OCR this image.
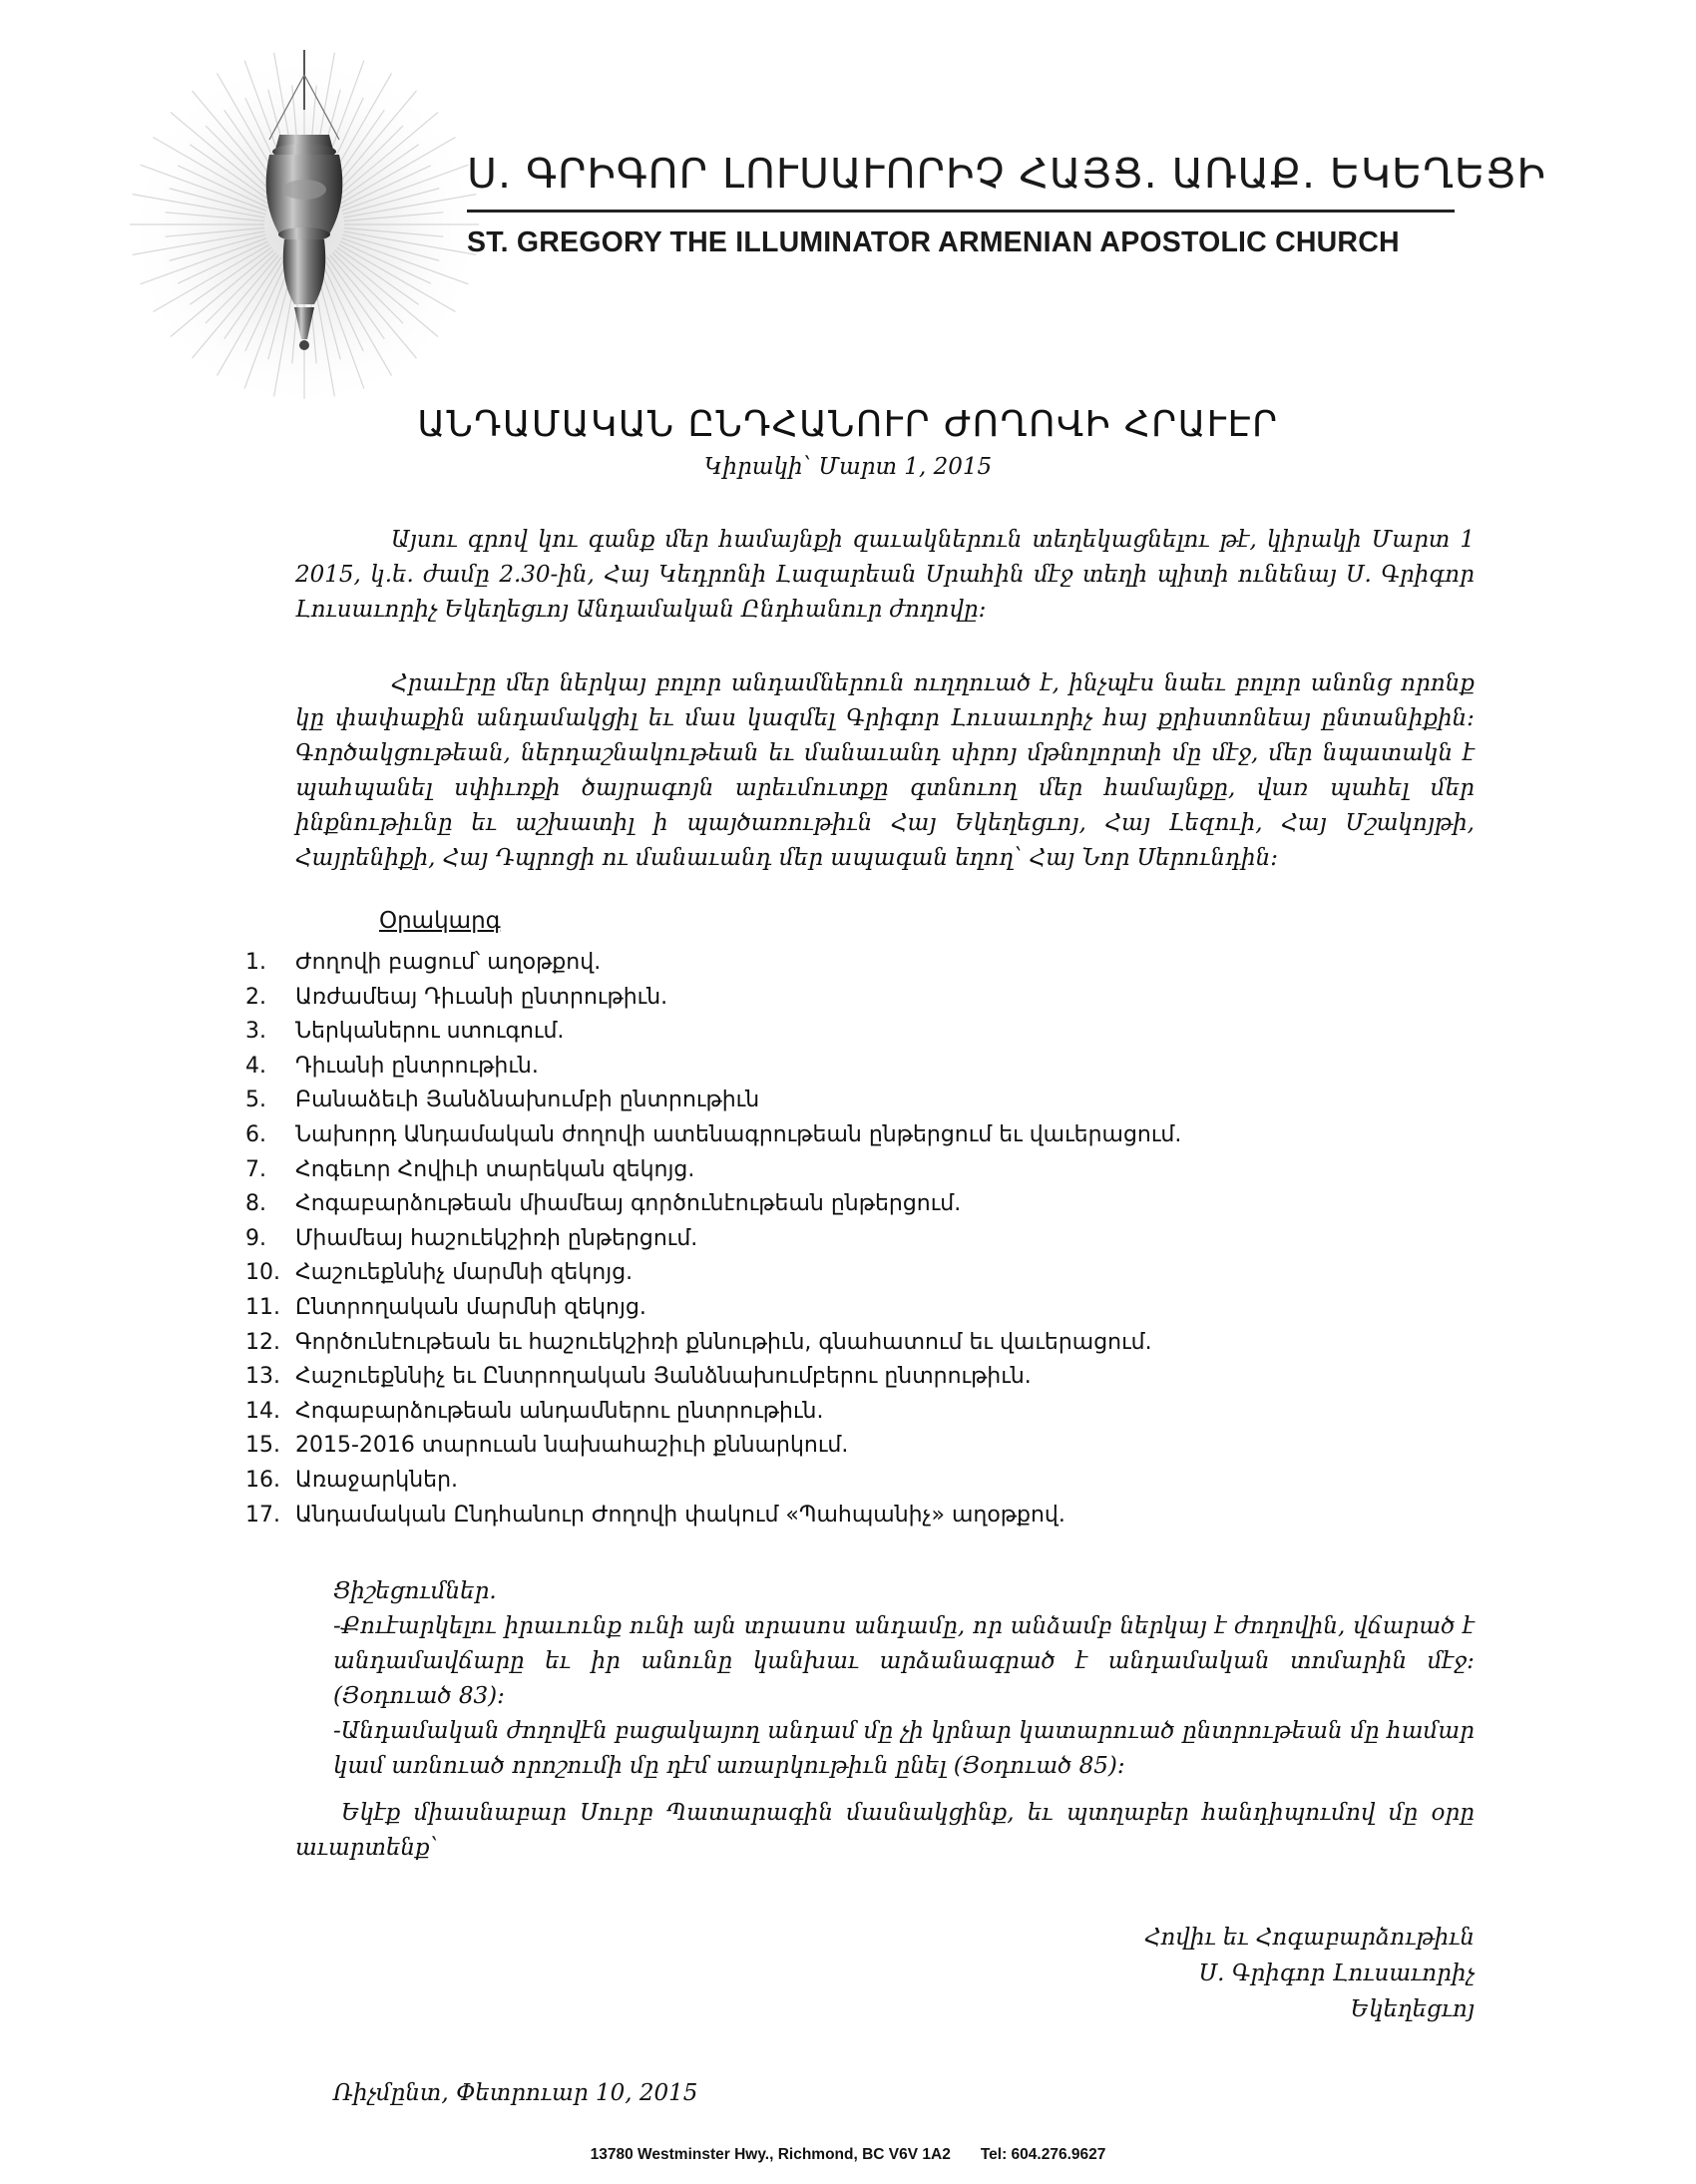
Ս. ԳՐԻԳՈՐ ԼՈՒՍԱՒՈՐԻՉ ՀԱՅՑ. ԱՌԱՔ. ԵԿԵՂԵՑԻ
ST. GREGORY THE ILLUMINATOR ARMENIAN APOSTOLIC CHURCH
ԱՆԴԱՄԱԿԱՆ ԸՆԴՀԱՆՈՒՐ ԺՈՂՈՎԻ ՀՐԱՒԷՐ
Կիրակի՝ Մարտ 1, 2015
Այսու գրով կու գանք մեր համայնքի զաւակներուն տեղեկացնելու թէ, կիրակի Մարտ 1 2015, կ.ե. ժամը 2.30-ին, Հայ Կեդրոնի Լազարեան Սրահին մէջ տեղի պիտի ունենայ Ս. Գրիգոր Լուսաւորիչ Եկեղեցւոյ Անդամական Ընդհանուր ժողովը։
Հրաւէրը մեր ներկայ բոլոր անդամներուն ուղղուած է, ինչպէս նաեւ բոլոր անոնց որոնք կը փափաքին անդամակցիլ եւ մաս կազմել Գրիգոր Լուսաւորիչ հայ քրիստոնեայ ընտանիքին։ Գործակցութեան, ներդաշնակութեան եւ մանաւանդ սիրոյ մթնոլորտի մը մէջ, մեր նպատակն է պահպանել սփիւռքի ծայրագոյն արեւմուտքը գտնուող մեր համայնքը, վառ պահել մեր ինքնութիւնը եւ աշխատիլ ի պայծառութիւն Հայ Եկեղեցւոյ, Հայ Լեզուի, Հայ Մշակոյթի, Հայրենիքի, Հայ Դպրոցի ու մանաւանդ մեր ապագան եղող՝ Հայ Նոր Սերունդին։
Օրակարգ
1. Ժողովի բացում՝ աղօթքով.
2. Առժամեայ Դիւանի ընտրութիւն.
3. Ներկաներու ստուգում.
4. Դիւանի ընտրութիւն.
5. Բանաձեւի Յանձնախումբի ընտրութիւն
6. Նախորդ Անդամական ժողովի ատենագրութեան ընթերցում եւ վաւերացում.
7. Հոգեւոր Հովիւի տարեկան զեկոյց.
8. Հոգաբարձութեան միամեայ գործունէութեան ընթերցում.
9. Միամեայ հաշուեկշիռի ընթերցում.
10. Հաշուեքննիչ մարմնի զեկոյց.
11. Ընտրողական մարմնի զեկոյց.
12. Գործունէութեան եւ հաշուեկշիռի քննութիւն, գնահատում եւ վաւերացում.
13. Հաշուեքննիչ եւ Ընտրողական Յանձնախումբերու ընտրութիւն.
14. Հոգաբարձութեան անդամներու ընտրութիւն.
15. 2015-2016 տարուան նախահաշիւի քննարկում.
16. Առաջարկներ.
17. Անդամական Ընդհանուր Ժողովի փակում «Պահպանիչ» աղօթքով.

Ցիշեցումներ.

-Քուէարկելու իրաւունք ունի այն տրասոս անդամը, որ անձամբ ներկայ է ժողովին, վճարած է անդամավճարը եւ իր անունը կանխաւ արձանագրած է անդամական տոմարին մէջ։ (Յօդուած 83)։

-Անդամական ժողովէն բացակայող անդամ մը չի կրնար կատարուած ընտրութեան մը համար կամ առնուած որոշումի մը դէմ առարկութիւն ընել (Յօդուած 85)։

Եկէք միասնաբար Սուրբ Պատարագին մասնակցինք, եւ պտղաբեր հանդիպումով մը օրը աւարտենք՝
Հովիւ եւ Հոգաբարձութիւն
Ս. Գրիգոր Լուսաւորիչ
Եկեղեցւոյ
Ռիչմընտ, Փետրուար 10, 2015
13780 Westminster Hwy., Richmond, BC V6V 1A2 Tel: 604.276.9627
